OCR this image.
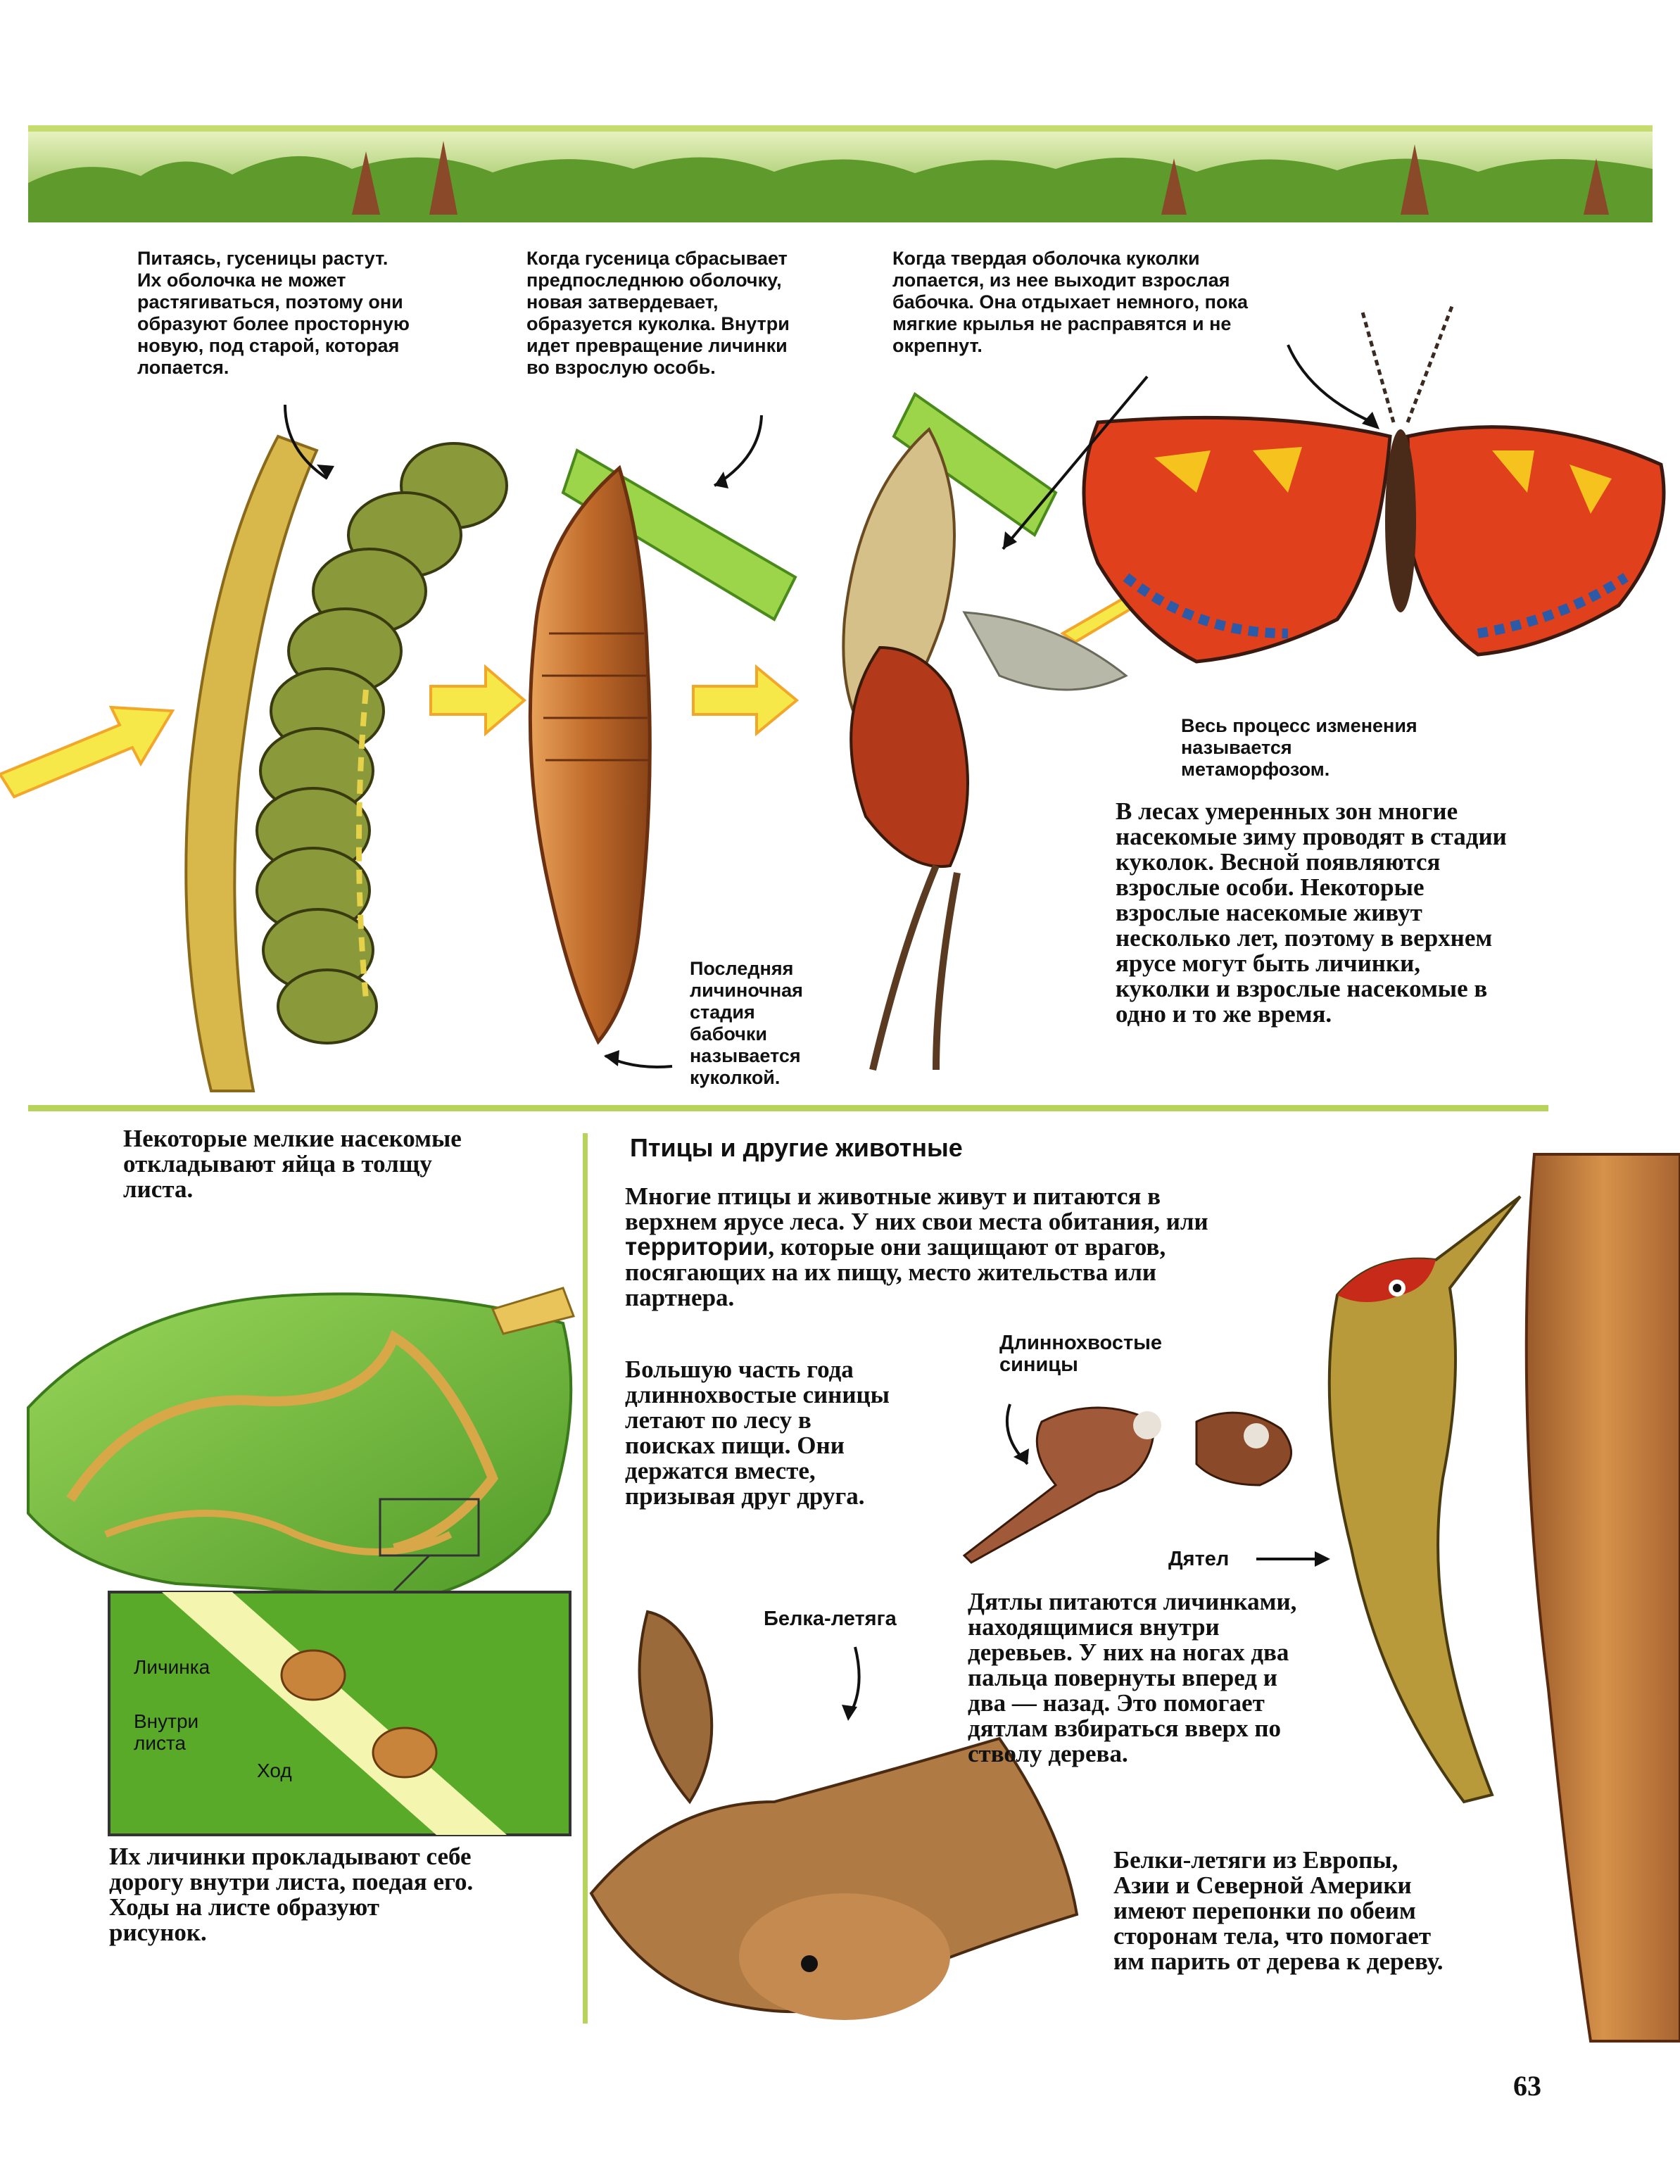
Питаясь, гусеницы растут.
Их оболочка не может
растягиваться, поэтому они
образуют более просторную
новую, под старой, которая
лопается.
Когда гусеница сбрасывает
предпоследнюю оболочку,
новая затвердевает,
образуется куколка. Внутри
идет превращение личинки
во взрослую особь.
Когда твердая оболочка куколки
лопается, из нее выходит взрослая
бабочка. Она отдыхает немного, пока
мягкие крылья не расправятся и не
окрепнут.

Весь процесс изменения
называется

метаморфозом.

Последняя
личиночная
стадия
бабочки
называется

куколкой.

В лесах умеренных зон многие
насекомые зиму проводят в стадии
куколок. Весной появляются
взрослые особи. Некоторые
взрослые насекомые живут
несколько лет, поэтому в верхнем
ярусе могут быть личинки,
куколки и взрослые насекомые в
одно и то же время.
Некоторые мелкие насекомые
откладывают яйца в толщу
листа.
Птицы и другие животные
Многие птицы и животные живут и питаются в
верхнем ярусе леса. У них свои места обитания, или
территории, которые они защищают от врагов,
посягающих на их пищу, место жительства или
партнера.
Большую часть года
длиннохвостые синицы
летают по лесу в
поисках пищи. Они
держатся вместе,
призывая друг друга.
Длиннохвостые
синицы
Дятел
Белка-летяга
Личинка
Внутри
листа
Ход
Дятлы питаются личинками,
находящимися внутри
деревьев. У них на ногах два
пальца повернуты вперед и
два — назад. Это помогает
дятлам взбираться вверх по
стволу дерева.
Их личинки прокладывают себе
дорогу внутри листа, поедая его.
Ходы на листе образуют
рисунок.
Белки-летяги из Европы,
Азии и Северной Америки
имеют перепонки по обеим
сторонам тела, что помогает
им парить от дерева к дереву.
63
